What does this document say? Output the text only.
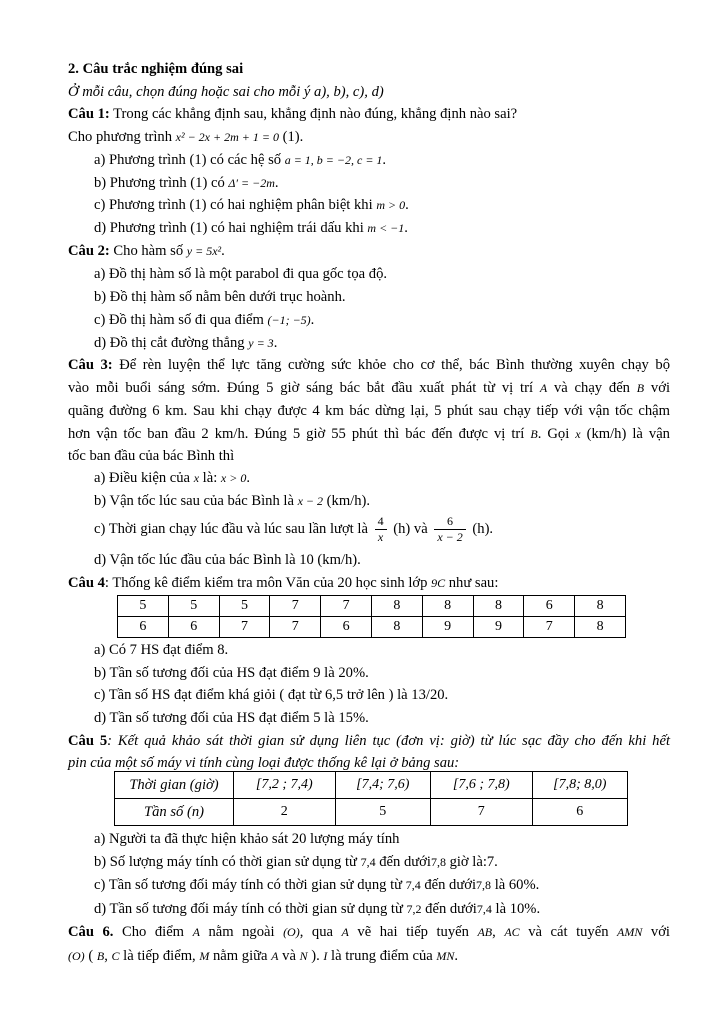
2. Câu trắc nghiệm đúng sai
Ở mỗi câu, chọn đúng hoặc sai cho mỗi ý a), b), c), d)
Câu 1: Trong các khẳng định sau, khẳng định nào đúng, khẳng định nào sai?
Cho phương trình x² − 2x + 2m + 1 = 0 (1).
a) Phương trình (1) có các hệ số a = 1, b = −2, c = 1.
b) Phương trình (1) có Δ′ = −2m.
c) Phương trình (1) có hai nghiệm phân biệt khi m > 0.
d) Phương trình (1) có hai nghiệm trái dấu khi m < −1.
Câu 2: Cho hàm số y = 5x².
a) Đồ thị hàm số là một parabol đi qua gốc tọa độ.
b) Đồ thị hàm số nằm bên dưới trục hoành.
c) Đồ thị hàm số đi qua điểm (−1; −5).
d) Đồ thị cắt đường thẳng y = 3.
Câu 3: Để rèn luyện thể lực tăng cường sức khỏe cho cơ thể, bác Bình thường xuyên chạy bộ
vào mỗi buổi sáng sớm. Đúng 5 giờ sáng bác bắt đầu xuất phát từ vị trí A và chạy đến B với
quãng đường 6 km. Sau khi chạy được 4 km bác dừng lại, 5 phút sau chạy tiếp với vận tốc chậm
hơn vận tốc ban đầu 2 km/h. Đúng 5 giờ 55 phút thì bác đến được vị trí B. Gọi x (km/h) là vận
tốc ban đầu của bác Bình thì
a) Điều kiện của x là: x > 0.
b) Vận tốc lúc sau của bác Bình là x − 2 (km/h).
c) Thời gian chạy lúc đầu và lúc sau lần lượt là $\frac{4}{x} (h)$ và $\frac{6}{x - 2} (h)$.
d) Vận tốc lúc đầu của bác Bình là 10 (km/h).
Câu 4: Thống kê điểm kiểm tra môn Văn của 20 học sinh lớp 9C như sau:
5	5	5	7	7	8	8	8	6	8
6	6	7	7	6	8	9	9	7	8
a) Có 7 HS đạt điểm 8.
b) Tần số tương đối của HS đạt điểm 9 là 20%.
c) Tần số HS đạt điểm khá giỏi ( đạt từ 6,5 trở lên ) là 13/20.
d) Tần số tương đối của HS đạt điểm 5 là 15%.
Câu 5: Kết quả khảo sát thời gian sử dụng liên tục (đơn vị: giờ) từ lúc sạc đầy cho đến khi hết
pin của một số máy vi tính cùng loại được thống kê lại ở bảng sau:
Thời gian (giờ)	[7,2 ; 7,4)	[7,4; 7,6)	[7,6 ; 7,8)	[7,8; 8,0)
Tần số (n)	2	5	7	6
a) Người ta đã thực hiện khảo sát 20 lượng máy tính
b) Số lượng máy tính có thời gian sử dụng từ 7,4 đến dưới7,8 giờ là:7.
c) Tần số tương đối máy tính có thời gian sử dụng từ 7,4 đến dưới7,8 là 60%.
d) Tần số tương đối máy tính có thời gian sử dụng từ 7,2 đến dưới7,4 là 10%.
Câu 6. Cho điểm A nằm ngoài (O), qua A vẽ hai tiếp tuyến AB, AC và cát tuyến AMN với
(O) ( B, C là tiếp điểm, M nằm giữa A và N ). I là trung điểm của MN.
